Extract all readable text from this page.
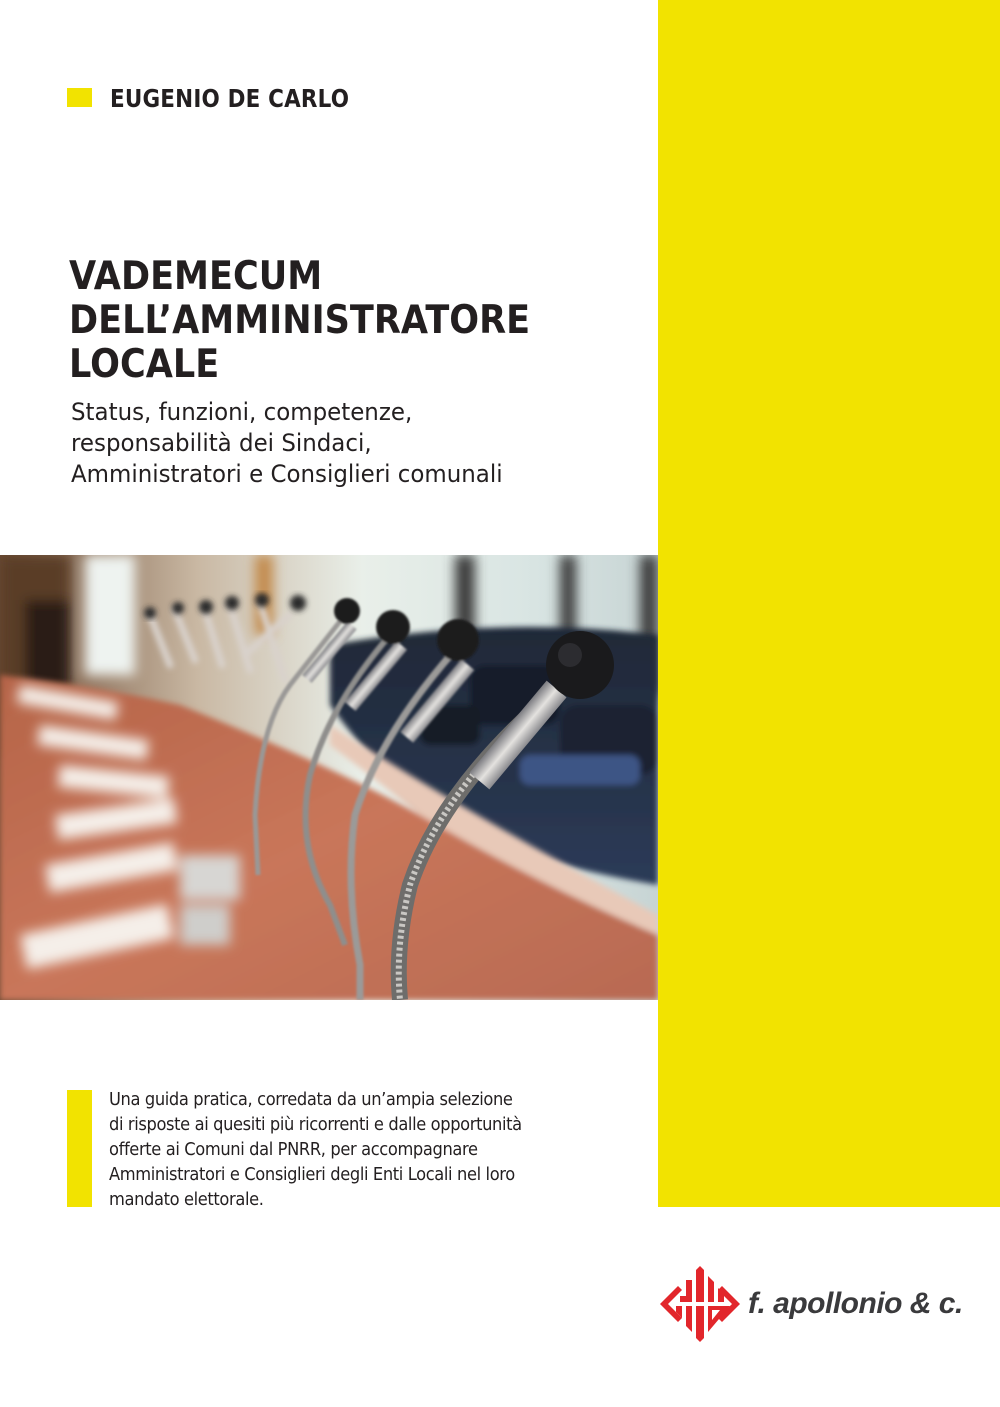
EUGENIO DE CARLO
VADEMECUM
DELL’AMMINISTRATORE
LOCALE
Status, funzioni, competenze,
responsabilità dei Sindaci,
Amministratori e Consiglieri comunali
Una guida pratica, corredata da un’ampia selezione
di risposte ai quesiti più ricorrenti e dalle opportunità
offerte ai Comuni dal PNRR, per accompagnare
Amministratori e Consiglieri degli Enti Locali nel loro
mandato elettorale.
f. apollonio & c.
